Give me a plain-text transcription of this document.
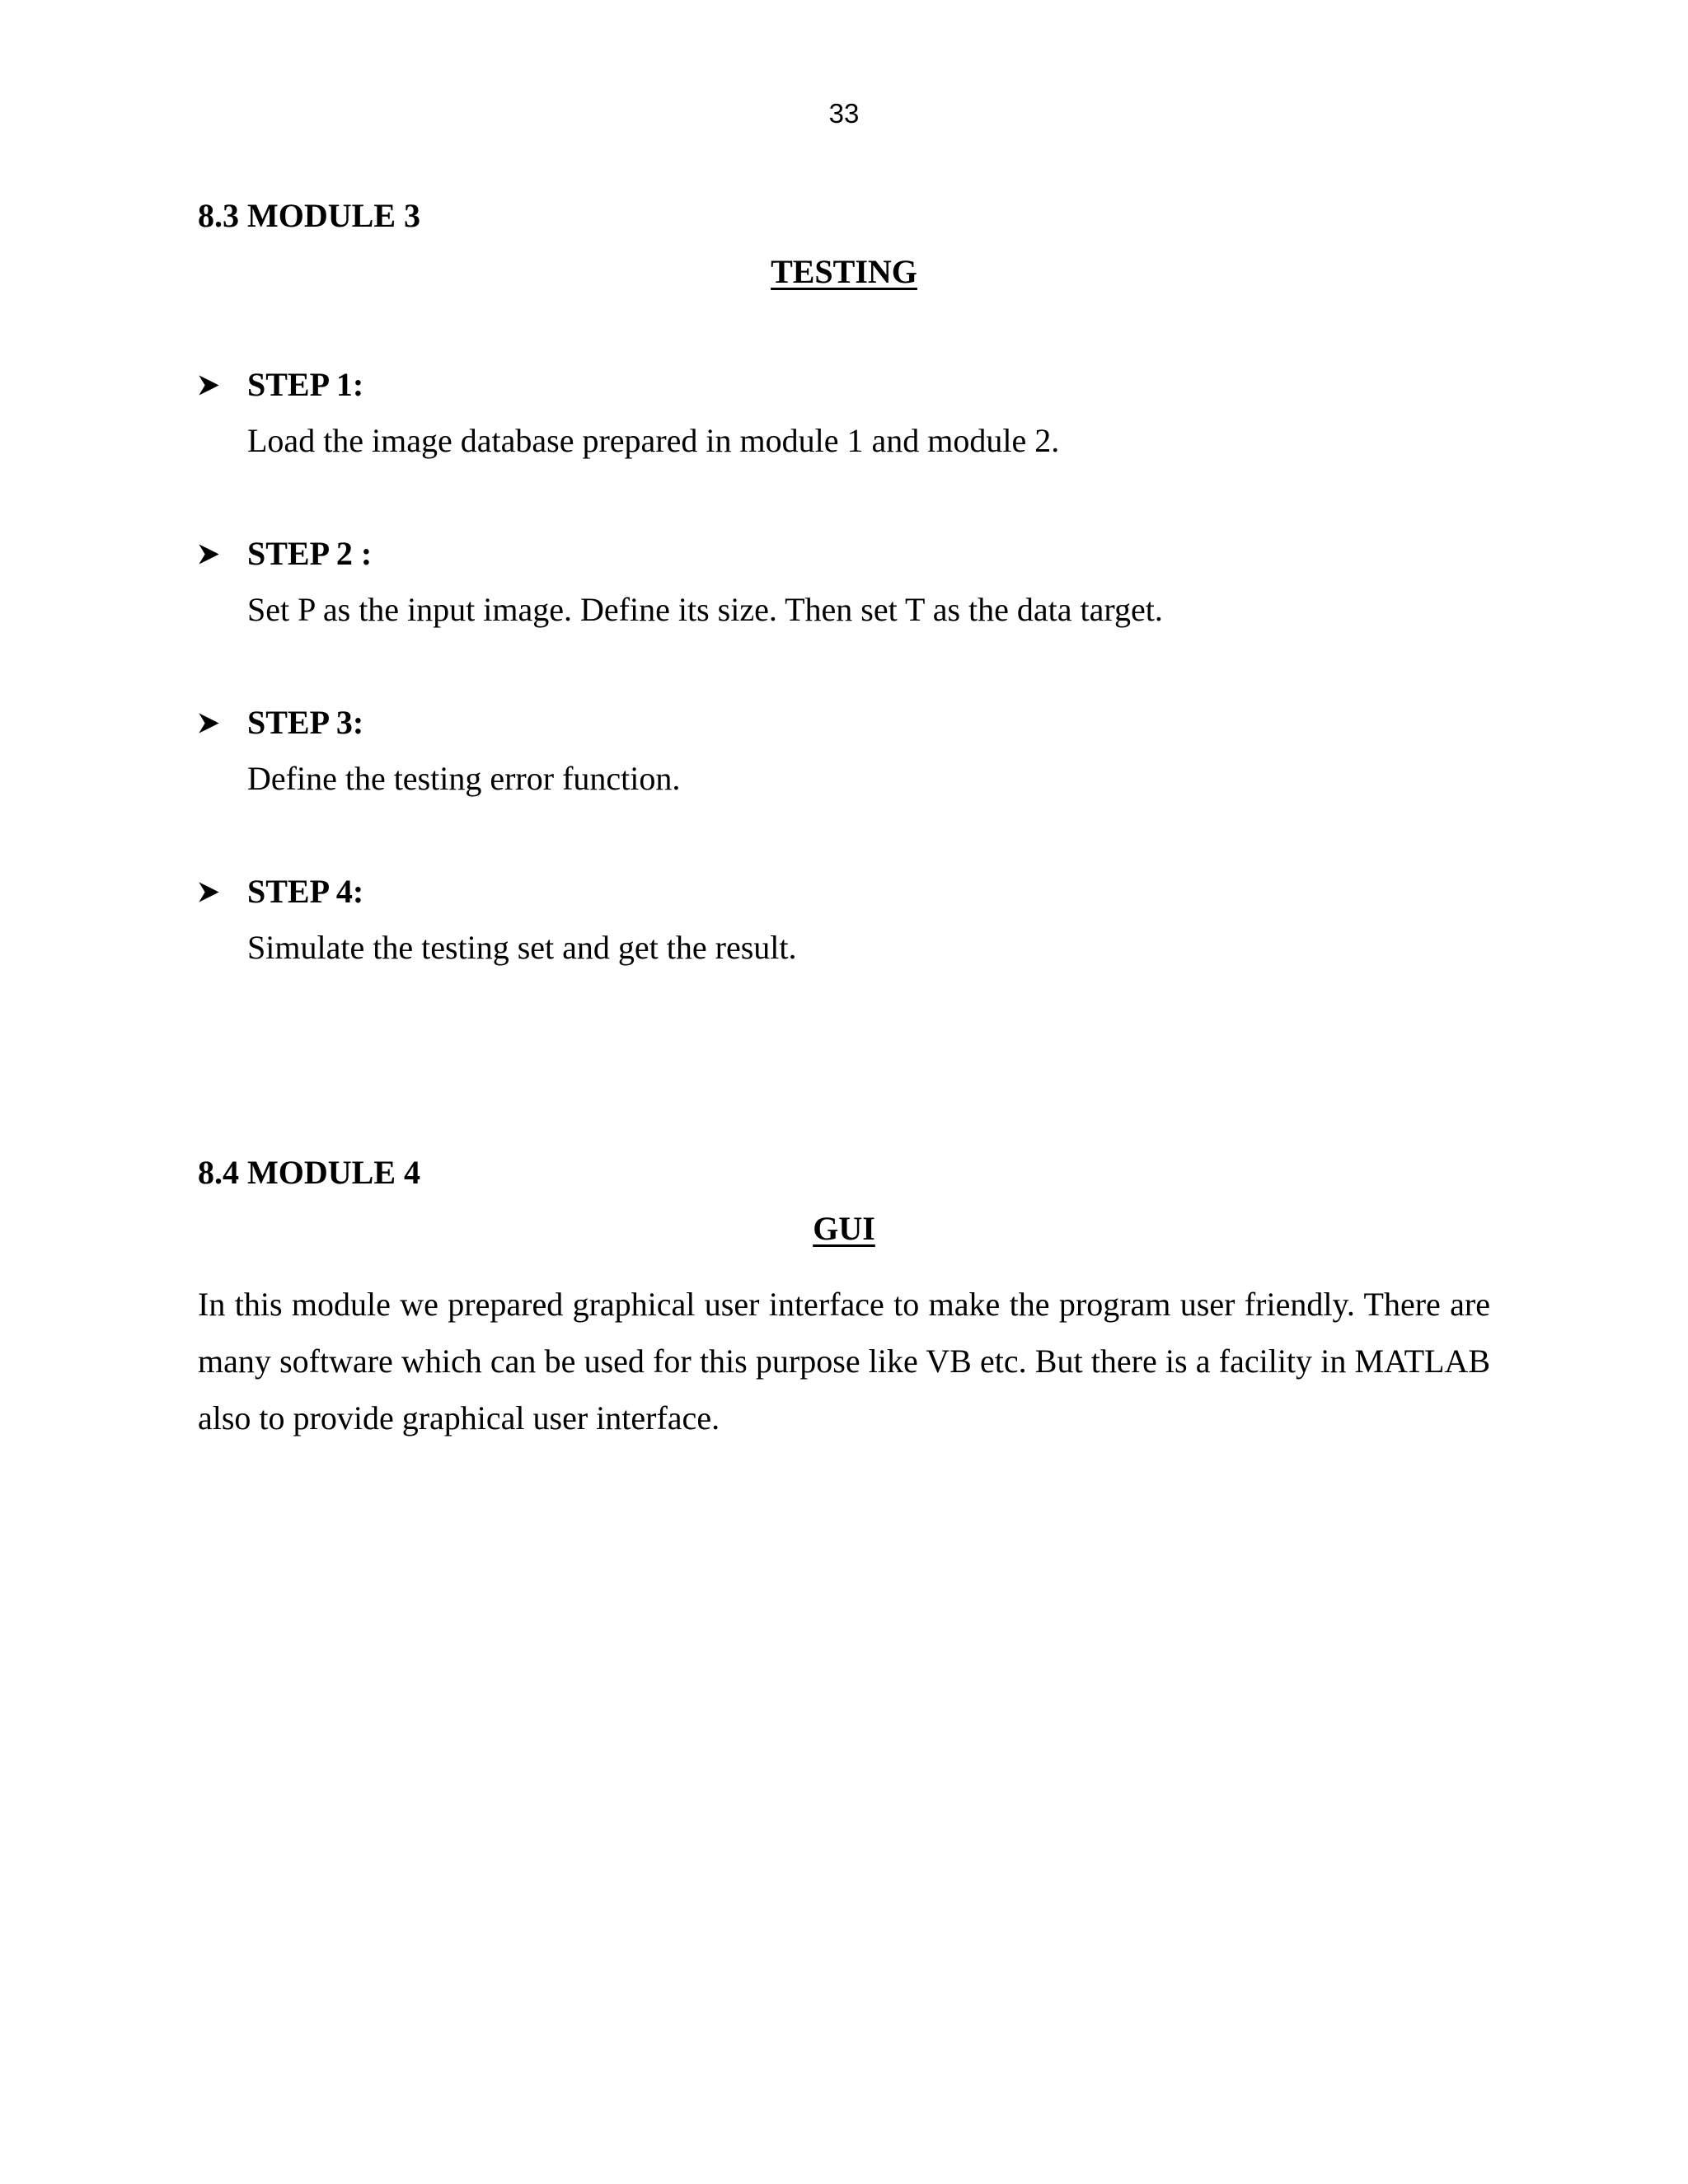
33
8.3 MODULE 3
TESTING
STEP 1:
Load the image database prepared in module 1 and module 2.
STEP 2 :
Set P as the input image. Define its size. Then set T as the data target.
STEP 3:
Define the testing error function.
STEP 4:
Simulate the testing set and get the result.
8.4 MODULE 4
GUI
In this module we prepared graphical user interface to make the program user friendly. There are many software which can be used for this purpose like VB etc. But there is a facility in MATLAB also to provide graphical user interface.
